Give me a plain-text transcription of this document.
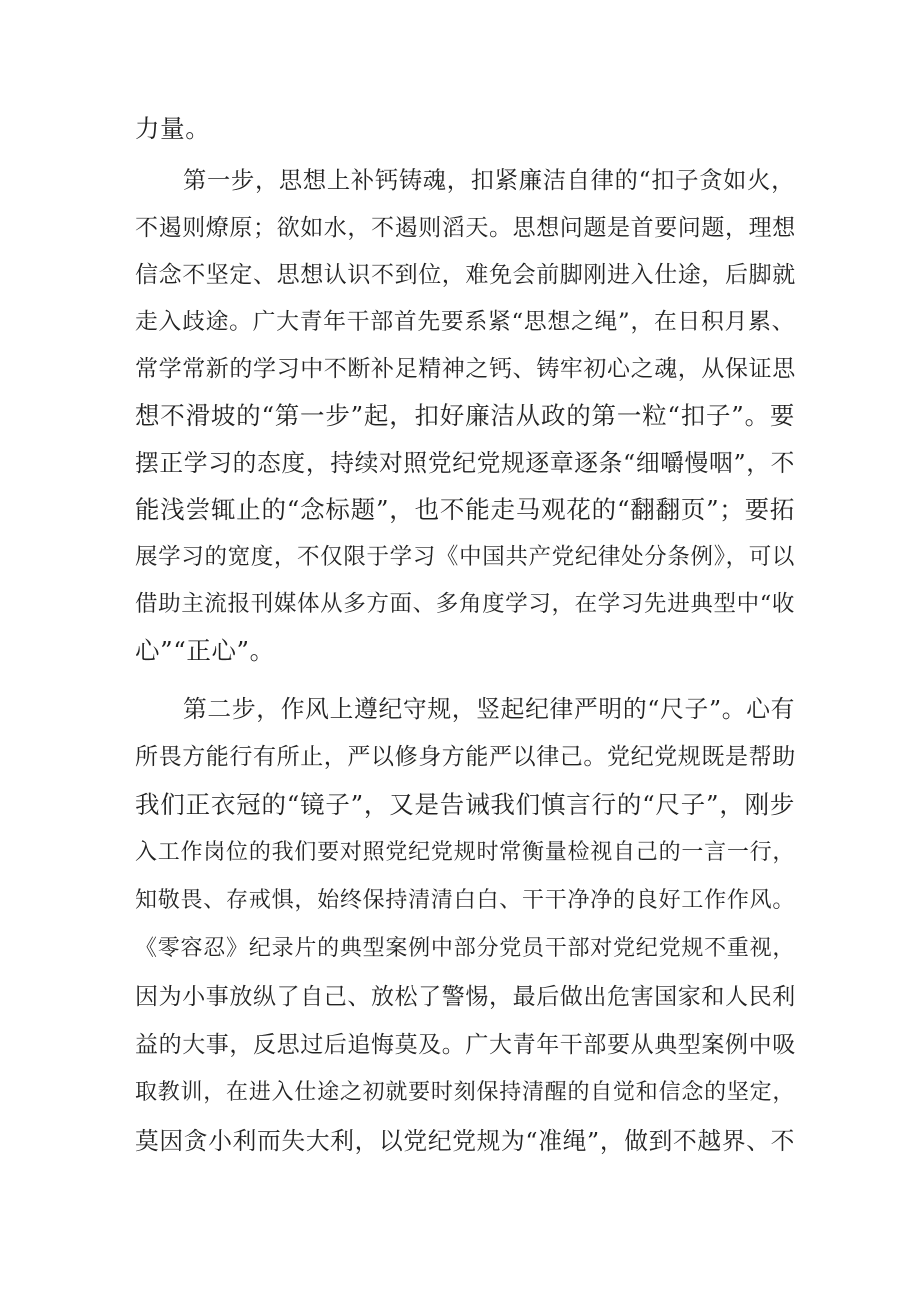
力量。
第一步，思想上补钙铸魂，扣紧廉洁自律的“扣子贪如火，
不遏则燎原；欲如水，不遏则滔天。思想问题是首要问题，理想
信念不坚定、思想认识不到位，难免会前脚刚进入仕途，后脚就
走入歧途。广大青年干部首先要系紧“思想之绳”，在日积月累、
常学常新的学习中不断补足精神之钙、铸牢初心之魂，从保证思
想不滑坡的“第一步”起，扣好廉洁从政的第一粒“扣子”。要
摆正学习的态度，持续对照党纪党规逐章逐条“细嚼慢咽”，不
能浅尝辄止的“念标题”，也不能走马观花的“翻翻页”；要拓
展学习的宽度，不仅限于学习《中国共产党纪律处分条例》，可以
借助主流报刊媒体从多方面、多角度学习，在学习先进典型中“收
心”“正心”。
第二步，作风上遵纪守规，竖起纪律严明的“尺子”。心有
所畏方能行有所止，严以修身方能严以律己。党纪党规既是帮助
我们正衣冠的“镜子”，又是告诫我们慎言行的“尺子”，刚步
入工作岗位的我们要对照党纪党规时常衡量检视自己的一言一行，
知敬畏、存戒惧，始终保持清清白白、干干净净的良好工作作风。
《零容忍》纪录片的典型案例中部分党员干部对党纪党规不重视，
因为小事放纵了自己、放松了警惕，最后做出危害国家和人民利
益的大事，反思过后追悔莫及。广大青年干部要从典型案例中吸
取教训，在进入仕途之初就要时刻保持清醒的自觉和信念的坚定，
莫因贪小利而失大利，以党纪党规为“准绳”，做到不越界、不
